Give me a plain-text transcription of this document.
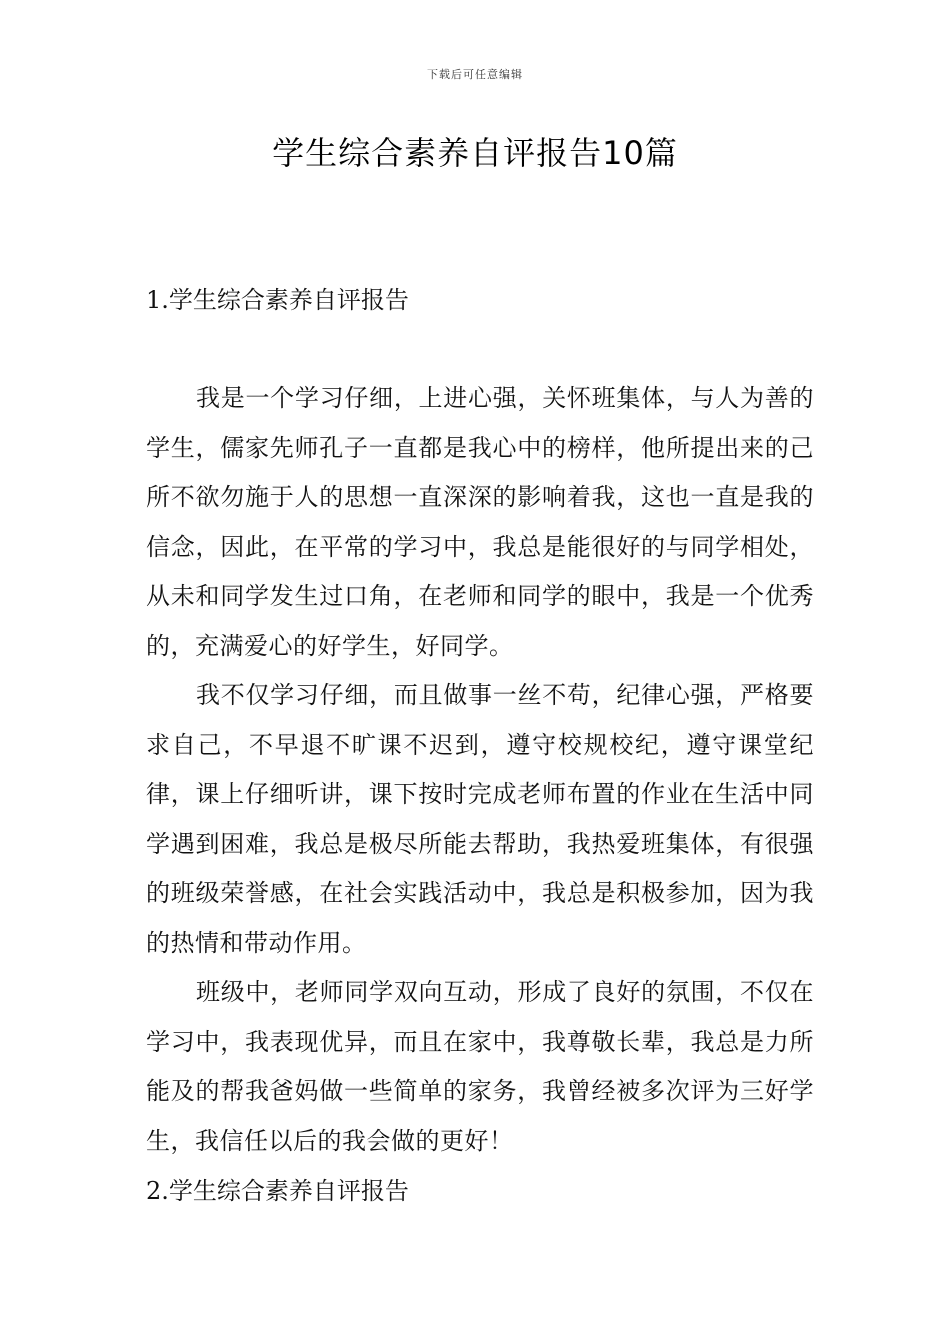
下载后可任意编辑
学生综合素养自评报告10篇

1.学生综合素养自评报告

我是一个学习仔细，上进心强，关怀班集体，与人为善的学生，儒家先师孔子一直都是我心中的榜样，他所提出来的己所不欲勿施于人的思想一直深深的影响着我，这也一直是我的信念，因此，在平常的学习中，我总是能很好的与同学相处，从未和同学发生过口角，在老师和同学的眼中，我是一个优秀的，充满爱心的好学生，好同学。

我不仅学习仔细，而且做事一丝不苟，纪律心强，严格要求自己，不早退不旷课不迟到，遵守校规校纪，遵守课堂纪律，课上仔细听讲，课下按时完成老师布置的作业在生活中同学遇到困难，我总是极尽所能去帮助，我热爱班集体，有很强的班级荣誉感，在社会实践活动中，我总是积极参加，因为我的热情和带动作用。

班级中，老师同学双向互动，形成了良好的氛围，不仅在学习中，我表现优异，而且在家中，我尊敬长辈，我总是力所能及的帮我爸妈做一些简单的家务，我曾经被多次评为三好学生，我信任以后的我会做的更好！

2.学生综合素养自评报告
